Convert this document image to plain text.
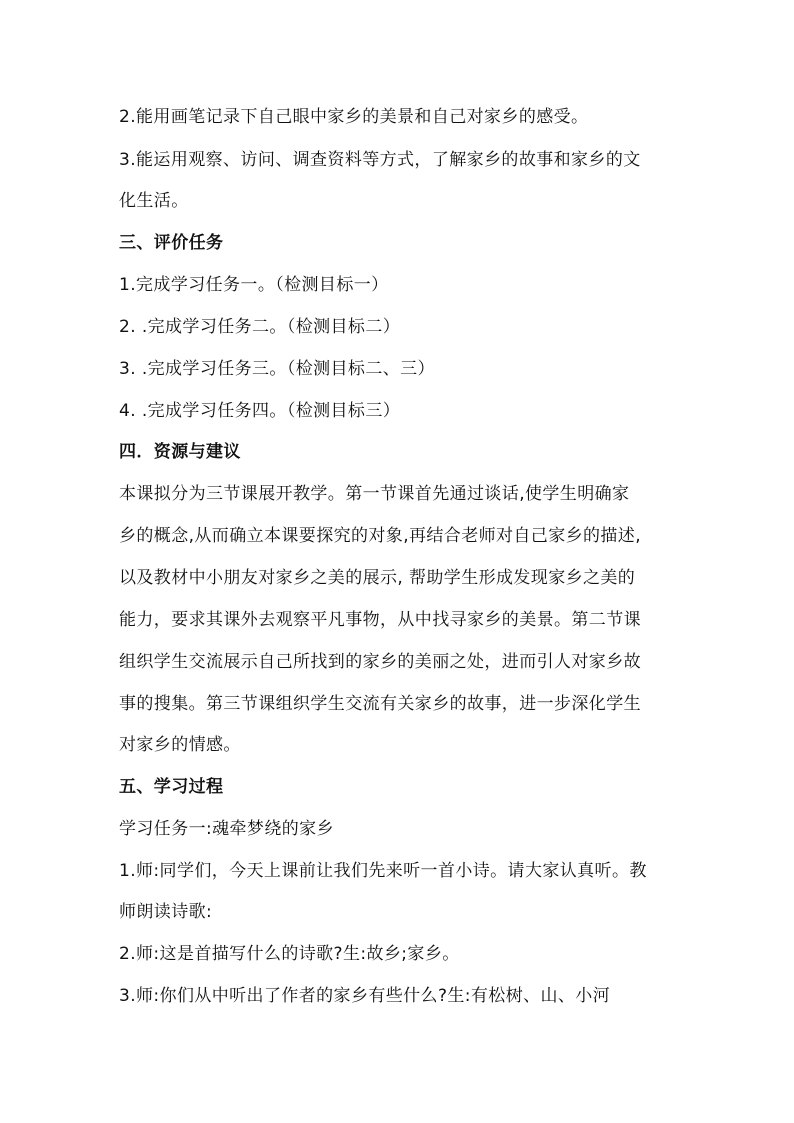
2.能用画笔记录下自己眼中家乡的美景和自己对家乡的感受。
3.能运用观察、访问、调查资料等方式，了解家乡的故事和家乡的文
化生活。
三、评价任务
1.完成学习任务一。（检测目标一）
2. .完成学习任务二。（检测目标二）
3. .完成学习任务三。（检测目标二、三）
4. .完成学习任务四。（检测目标三）
四．资源与建议
本课拟分为三节课展开教学。第一节课首先通过谈话,使学生明确家
乡的概念,从而确立本课要探究的对象,再结合老师对自己家乡的描述,
以及教材中小朋友对家乡之美的展示, 帮助学生形成发现家乡之美的
能力，要求其课外去观察平凡事物，从中找寻家乡的美景。第二节课
组织学生交流展示自己所找到的家乡的美丽之处，进而引人对家乡故
事的搜集。第三节课组织学生交流有关家乡的故事，进一步深化学生
对家乡的情感。
五、学习过程
学习任务一:魂牵梦绕的家乡
1.师:同学们，今天上课前让我们先来听一首小诗。请大家认真听。教
师朗读诗歌:
2.师:这是首描写什么的诗歌?生:故乡;家乡。
3.师:你们从中听出了作者的家乡有些什么?生:有松树、山、小河
